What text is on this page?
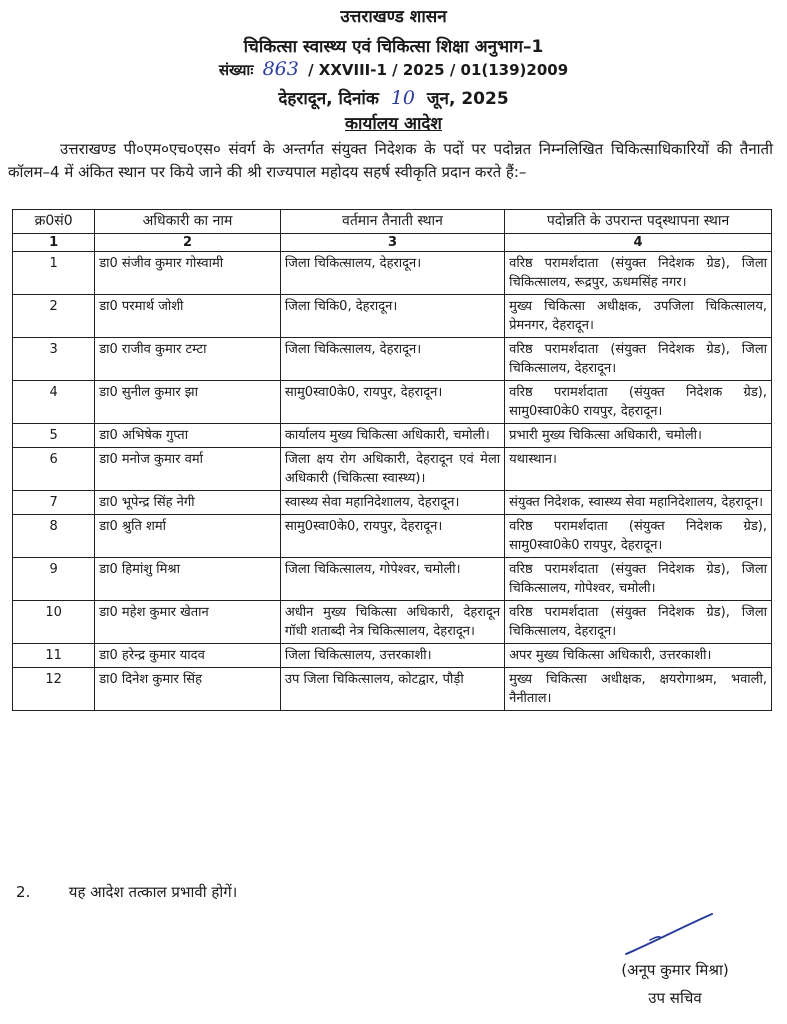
उत्तराखण्ड शासन
चिकित्सा स्वास्थ्य एवं चिकित्सा शिक्षा अनुभाग–1
संख्याः 863 / XXVIII-1 / 2025 / 01(139)2009
देहरादून, दिनांक 10 जून, 2025
कार्यालय आदेश
उत्तराखण्ड पी०एम०एच०एस० संवर्ग के अन्तर्गत संयुक्त निदेशक के पदों पर पदोन्नत निम्नलिखित चिकित्साधिकारियों की तैनाती कॉलम–4 में अंकित स्थान पर किये जाने की श्री राज्यपाल महोदय सहर्ष स्वीकृति प्रदान करते हैं:–
क्र0सं0	अधिकारी का नाम	वर्तमान तैनाती स्थान	पदोन्नति के उपरान्त पद्स्थापना स्थान
1	2	3	4
1	डा0 संजीव कुमार गोस्वामी	जिला चिकित्सालय, देहरादून।	वरिष्ठ परामर्शदाता (संयुक्त निदेशक ग्रेड), जिला चिकित्सालय, रूद्रपुर, ऊधमसिंह नगर।
2	डा0 परमार्थ जोशी	जिला चिकि0, देहरादून।	मुख्य चिकित्सा अधीक्षक, उपजिला चिकित्सालय, प्रेमनगर, देहरादून।
3	डा0 राजीव कुमार टम्टा	जिला चिकित्सालय, देहरादून।	वरिष्ठ परामर्शदाता (संयुक्त निदेशक ग्रेड), जिला चिकित्सालय, देहरादून।
4	डा0 सुनील कुमार झा	सामु0स्वा0के0, रायपुर, देहरादून।	वरिष्ठ परामर्शदाता (संयुक्त निदेशक ग्रेड), सामु0स्वा0के0 रायपुर, देहरादून।
5	डा0 अभिषेक गुप्ता	कार्यालय मुख्य चिकित्सा अधिकारी, चमोली।	प्रभारी मुख्य चिकित्सा अधिकारी, चमोली।
6	डा0 मनोज कुमार वर्मा	जिला क्षय रोग अधिकारी, देहरादून एवं मेला अधिकारी (चिकित्सा स्वास्थ्य)।	यथास्थान।
7	डा0 भूपेन्द्र सिंह नेगी	स्वास्थ्य सेवा महानिदेशालय, देहरादून।	संयुक्त निदेशक, स्वास्थ्य सेवा महानिदेशालय, देहरादून।
8	डा0 श्रुति शर्मा	सामु0स्वा0के0, रायपुर, देहरादून।	वरिष्ठ परामर्शदाता (संयुक्त निदेशक ग्रेड), सामु0स्वा0के0 रायपुर, देहरादून।
9	डा0 हिमांशु मिश्रा	जिला चिकित्सालय, गोपेश्वर, चमोली।	वरिष्ठ परामर्शदाता (संयुक्त निदेशक ग्रेड), जिला चिकित्सालय, गोपेश्वर, चमोली।
10	डा0 महेश कुमार खेतान	अधीन मुख्य चिकित्सा अधिकारी, देहरादून गॉधी शताब्दी नेत्र चिकित्सालय, देहरादून।	वरिष्ठ परामर्शदाता (संयुक्त निदेशक ग्रेड), जिला चिकित्सालय, देहरादून।
11	डा0 हरेन्द्र कुमार यादव	जिला चिकित्सालय, उत्तरकाशी।	अपर मुख्य चिकित्सा अधिकारी, उत्तरकाशी।
12	डा0 दिनेश कुमार सिंह	उप जिला चिकित्सालय, कोटद्वार, पौड़ी	मुख्य चिकित्सा अधीक्षक, क्षयरोगाश्रम, भवाली, नैनीताल।
2.	यह आदेश तत्काल प्रभावी होगें।
(अनूप कुमार मिश्रा)
उप सचिव
